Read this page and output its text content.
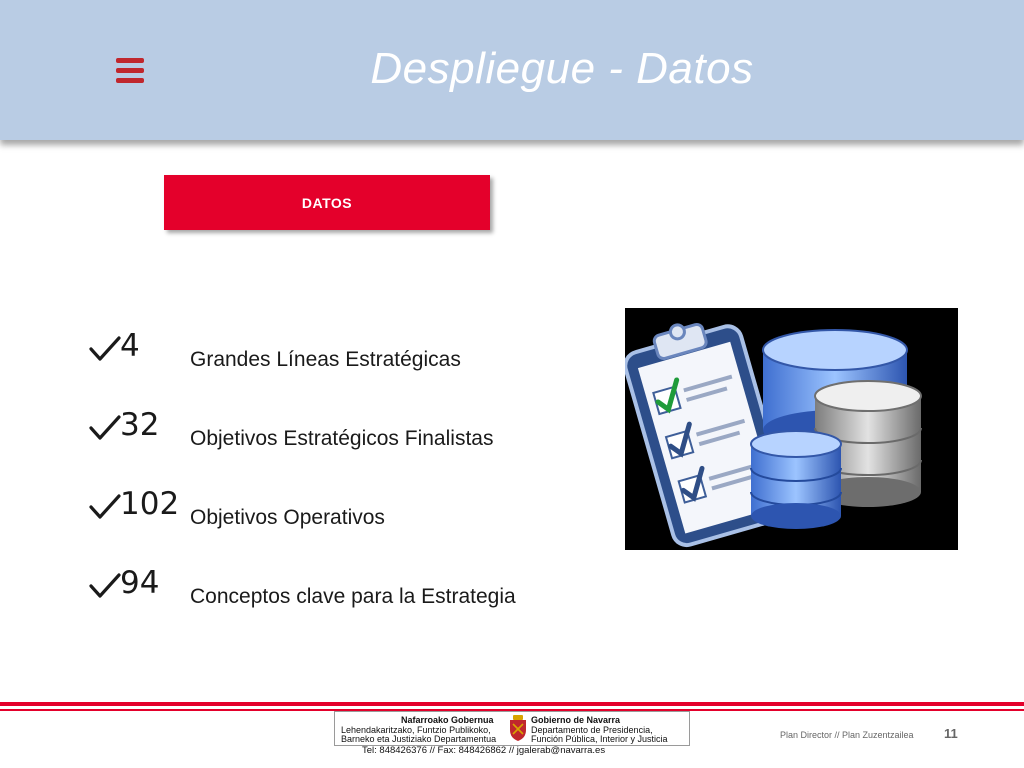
Despliegue - Datos
DATOS
4 Grandes Líneas Estratégicas
32 Objetivos Estratégicos Finalistas
102 Objetivos Operativos
94 Conceptos clave para la Estrategia
Nafarroako Gobernua
Lehendakaritzako, Funtzio Publikoko,
Barneko eta Justiziako Departamentua
Gobierno de Navarra
Departamento de Presidencia,
Función Pública, Interior y Justicia
Tel: 848426376 // Fax: 848426862 // jgalerab@navarra.es
Plan Director // Plan Zuzentzailea 11
